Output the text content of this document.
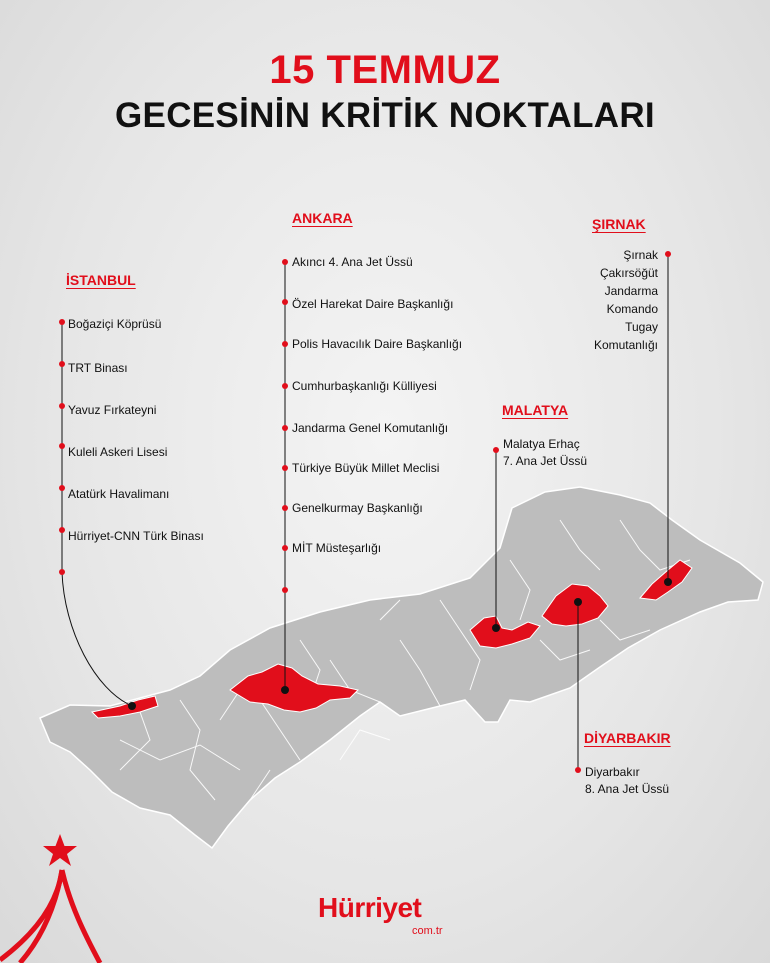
15 TEMMUZ
GECESİNİN KRİTİK NOKTALARI
İSTANBUL
Boğaziçi Köprüsü
TRT Binası
Yavuz Fırkateyni
Kuleli Askeri Lisesi
Atatürk Havalimanı
Hürriyet-CNN Türk Binası
ANKARA
Akıncı 4. Ana Jet Üssü
Özel Harekat Daire Başkanlığı
Polis Havacılık Daire Başkanlığı
Cumhurbaşkanlığı Külliyesi
Jandarma Genel Komutanlığı
Türkiye Büyük Millet Meclisi
Genelkurmay Başkanlığı
MİT Müsteşarlığı
ŞIRNAK
Şırnak
Çakırsöğüt
Jandarma
Komando
Tugay
Komutanlığı
MALATYA
Malatya Erhaç
7. Ana Jet Üssü
DİYARBAKIR
Diyarbakır
8. Ana Jet Üssü
Hürriyet
com.tr
